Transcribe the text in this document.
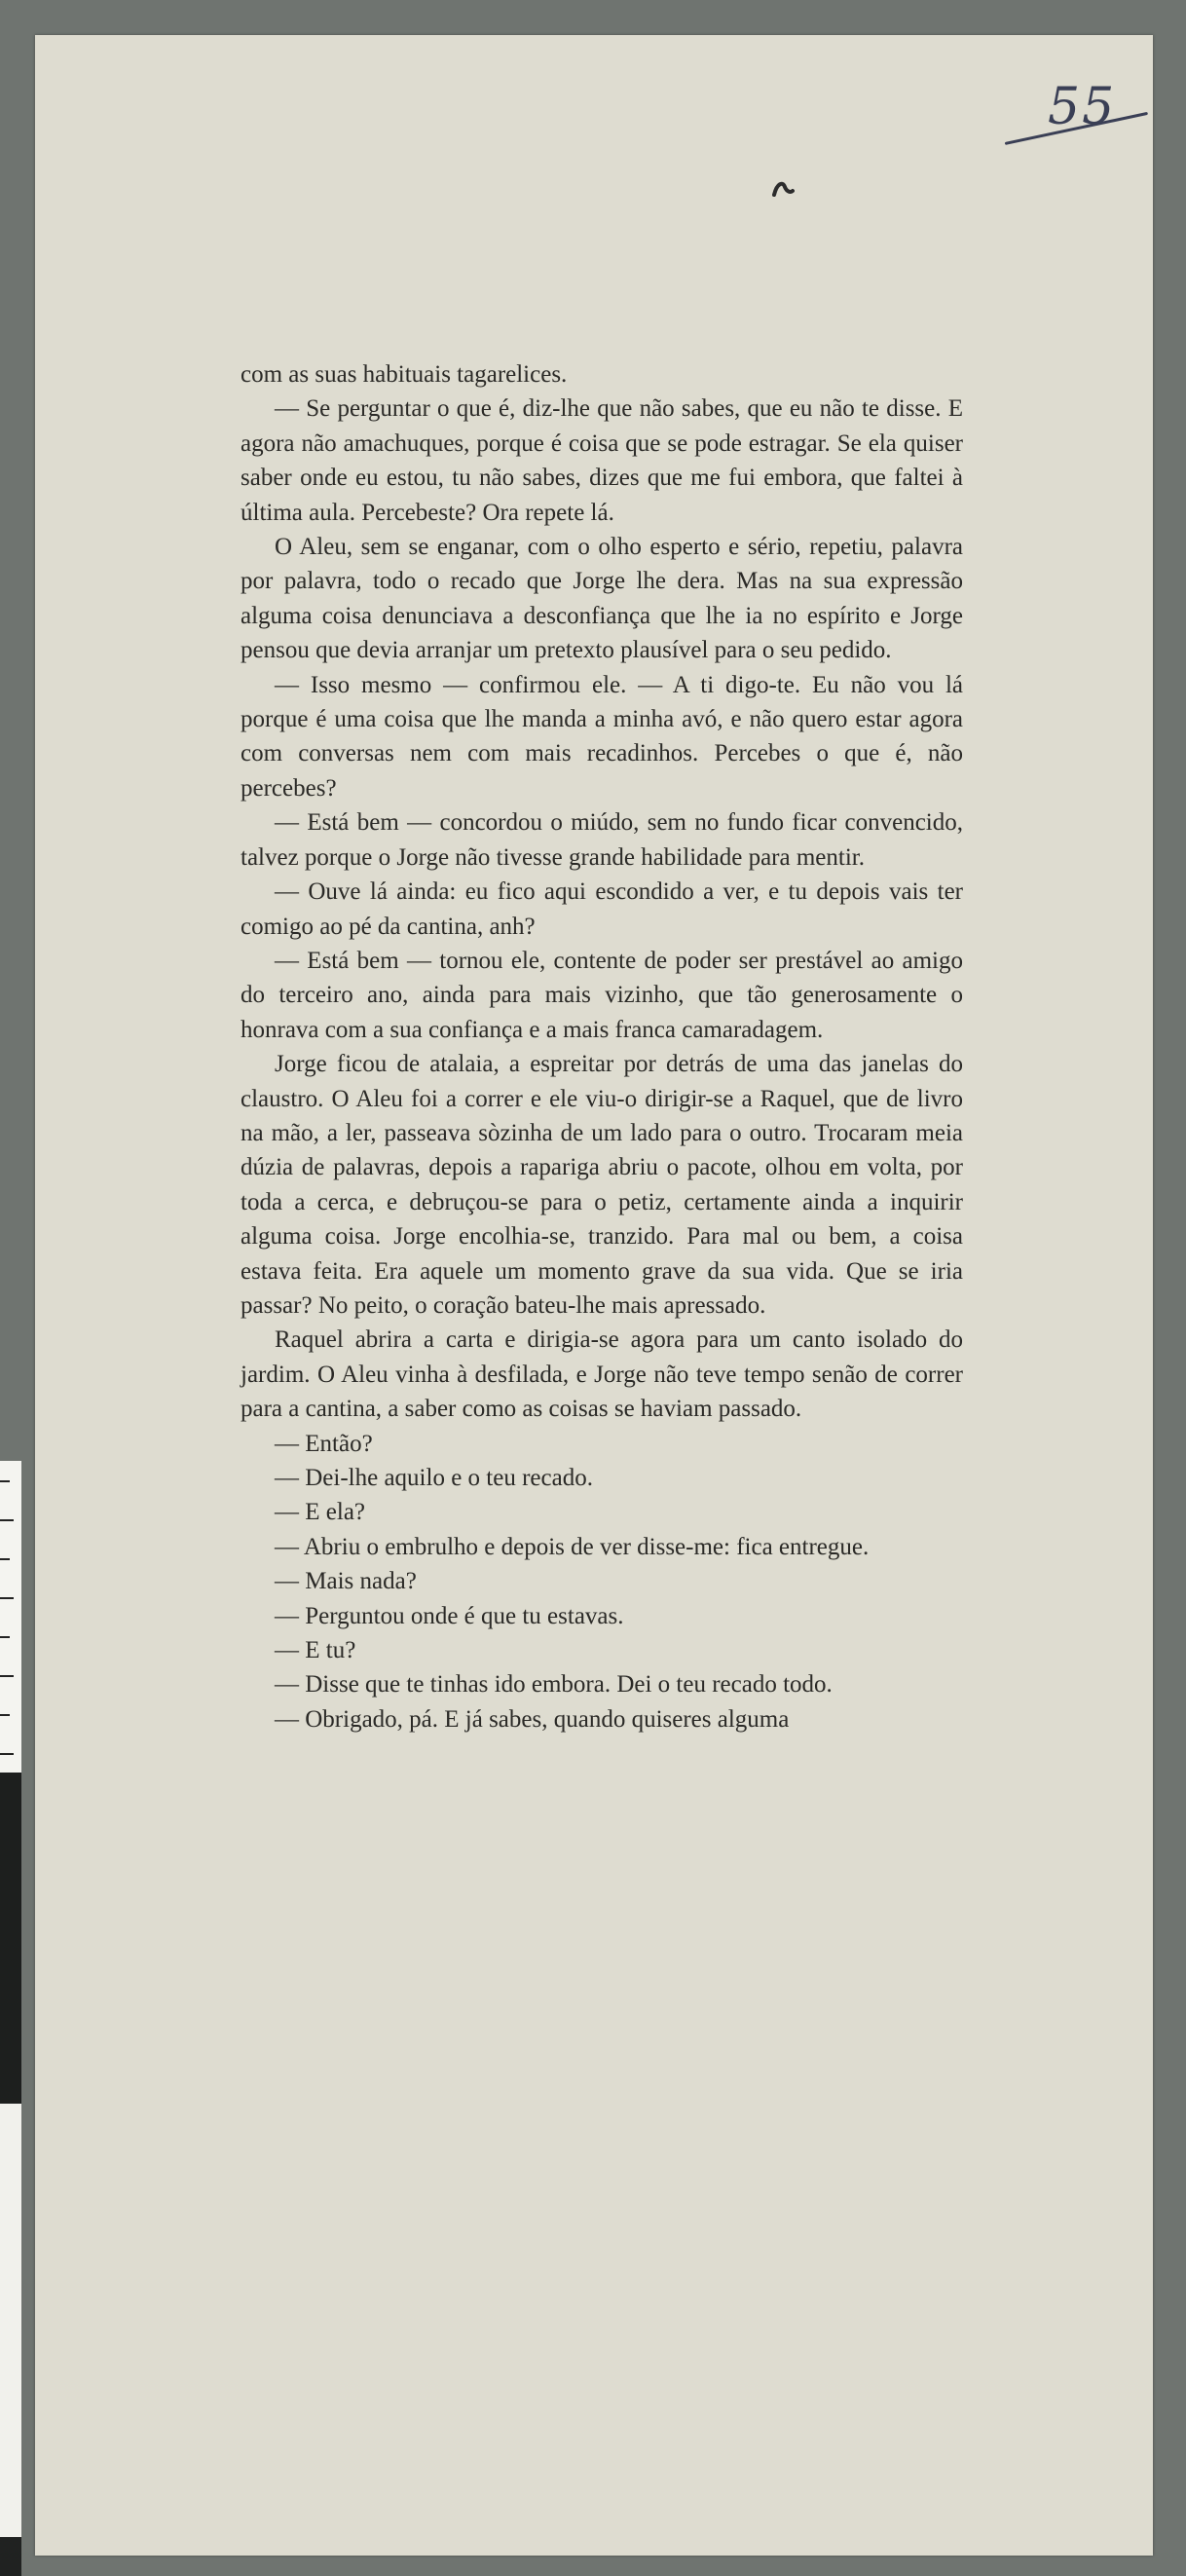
55

com as suas habituais tagarelices.

— Se perguntar o que é, diz-lhe que não sabes, que eu não te disse. E agora não amachuques, porque é coisa que se pode estragar. Se ela quiser saber onde eu estou, tu não sabes, dizes que me fui embora, que faltei à última aula. Percebeste? Ora repete lá.

O Aleu, sem se enganar, com o olho esperto e sério, repetiu, palavra por palavra, todo o recado que Jorge lhe dera. Mas na sua expressão alguma coisa denunciava a desconfiança que lhe ia no espírito e Jorge pensou que devia arranjar um pretexto plausível para o seu pedido.

— Isso mesmo — confirmou ele. — A ti digo-te. Eu não vou lá porque é uma coisa que lhe manda a minha avó, e não quero estar agora com conversas nem com mais recadinhos. Percebes o que é, não percebes?

— Está bem — concordou o miúdo, sem no fundo ficar convencido, talvez porque o Jorge não tivesse grande habilidade para mentir.

— Ouve lá ainda: eu fico aqui escondido a ver, e tu depois vais ter comigo ao pé da cantina, anh?

— Está bem — tornou ele, contente de poder ser prestável ao amigo do terceiro ano, ainda para mais vizinho, que tão generosamente o honrava com a sua confiança e a mais franca camaradagem.

Jorge ficou de atalaia, a espreitar por detrás de uma das janelas do claustro. O Aleu foi a correr e ele viu-o dirigir-se a Raquel, que de livro na mão, a ler, passeava sòzinha de um lado para o outro. Trocaram meia dúzia de palavras, depois a rapariga abriu o pacote, olhou em volta, por toda a cerca, e debruçou-se para o petiz, certamente ainda a inquirir alguma coisa. Jorge encolhia-se, tranzido. Para mal ou bem, a coisa estava feita. Era aquele um momento grave da sua vida. Que se iria passar? No peito, o coração bateu-lhe mais apressado.

Raquel abrira a carta e dirigia-se agora para um canto isolado do jardim. O Aleu vinha à desfilada, e Jorge não teve tempo senão de correr para a cantina, a saber como as coisas se haviam passado.

— Então?

— Dei-lhe aquilo e o teu recado.

— E ela?

— Abriu o embrulho e depois de ver disse-me: fica entregue.

— Mais nada?

— Perguntou onde é que tu estavas.

— E tu?

— Disse que te tinhas ido embora. Dei o teu recado todo.

— Obrigado, pá. E já sabes, quando quiseres alguma
